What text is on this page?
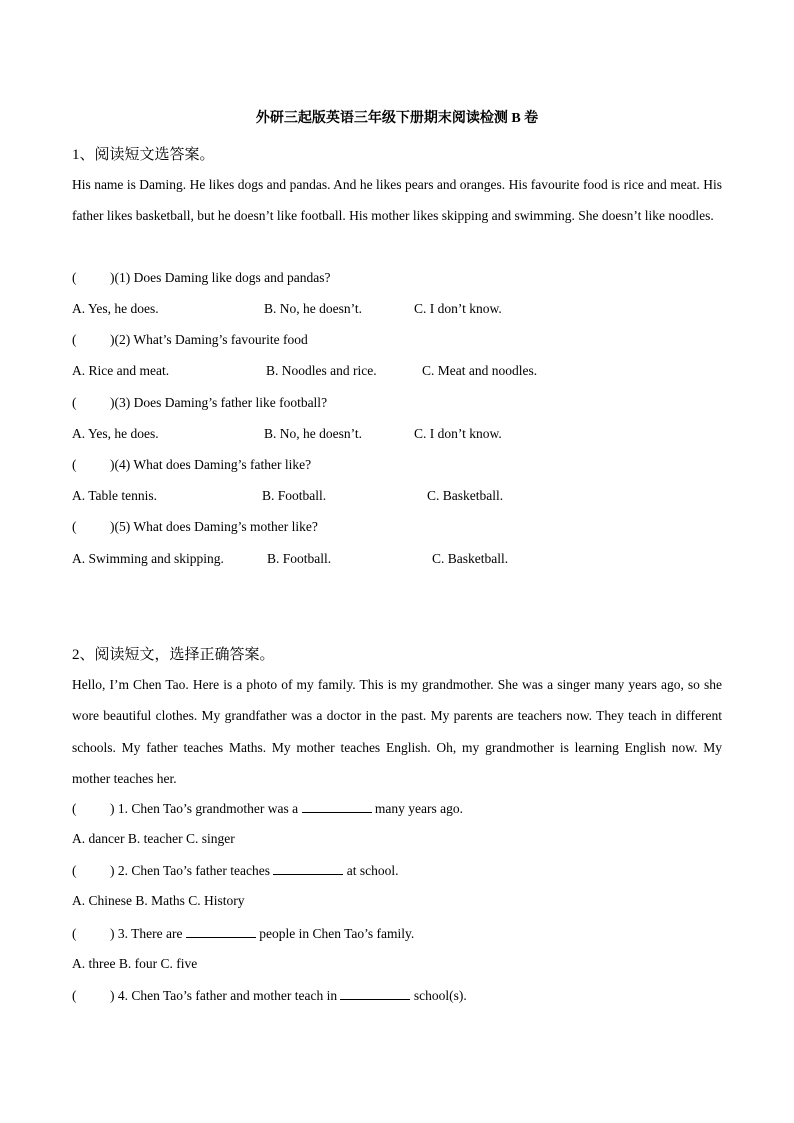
外研三起版英语三年级下册期末阅读检测 B 卷
1、阅读短文选答案。
His name is Daming. He likes dogs and pandas. And he likes pears and oranges. His favourite food is rice and meat. His father likes basketball, but he doesn’t like football. His mother likes skipping and swimming. She doesn’t like noodles.
( )(1) Does Daming like dogs and pandas?
A. Yes, he does.	B. No, he doesn’t.	C. I don’t know.
( )(2) What’s Daming’s favourite food
A. Rice and meat.	B. Noodles and rice.	C. Meat and noodles.
( )(3) Does Daming’s father like football?
A. Yes, he does.	B. No, he doesn’t.	C. I don’t know.
( )(4) What does Daming’s father like?
A. Table tennis.	B. Football.	C. Basketball.
( )(5) What does Daming’s mother like?
A. Swimming and skipping.	B. Football.	C. Basketball.
2、阅读短文，选择正确答案。
Hello, I’m Chen Tao. Here is a photo of my family. This is my grandmother. She was a singer many years ago, so she wore beautiful clothes. My grandfather was a doctor in the past. My parents are teachers now. They teach in different schools. My father teaches Maths. My mother teaches English. Oh, my grandmother is learning English now. My mother teaches her.
( ) 1. Chen Tao’s grandmother was a	many years ago.
A. dancer B. teacher C. singer
( ) 2. Chen Tao’s father teaches	at school.
A. Chinese B. Maths C. History
( ) 3. There are	people in Chen Tao’s family.
A. three B. four C. five
( ) 4. Chen Tao’s father and mother teach in	school(s).
